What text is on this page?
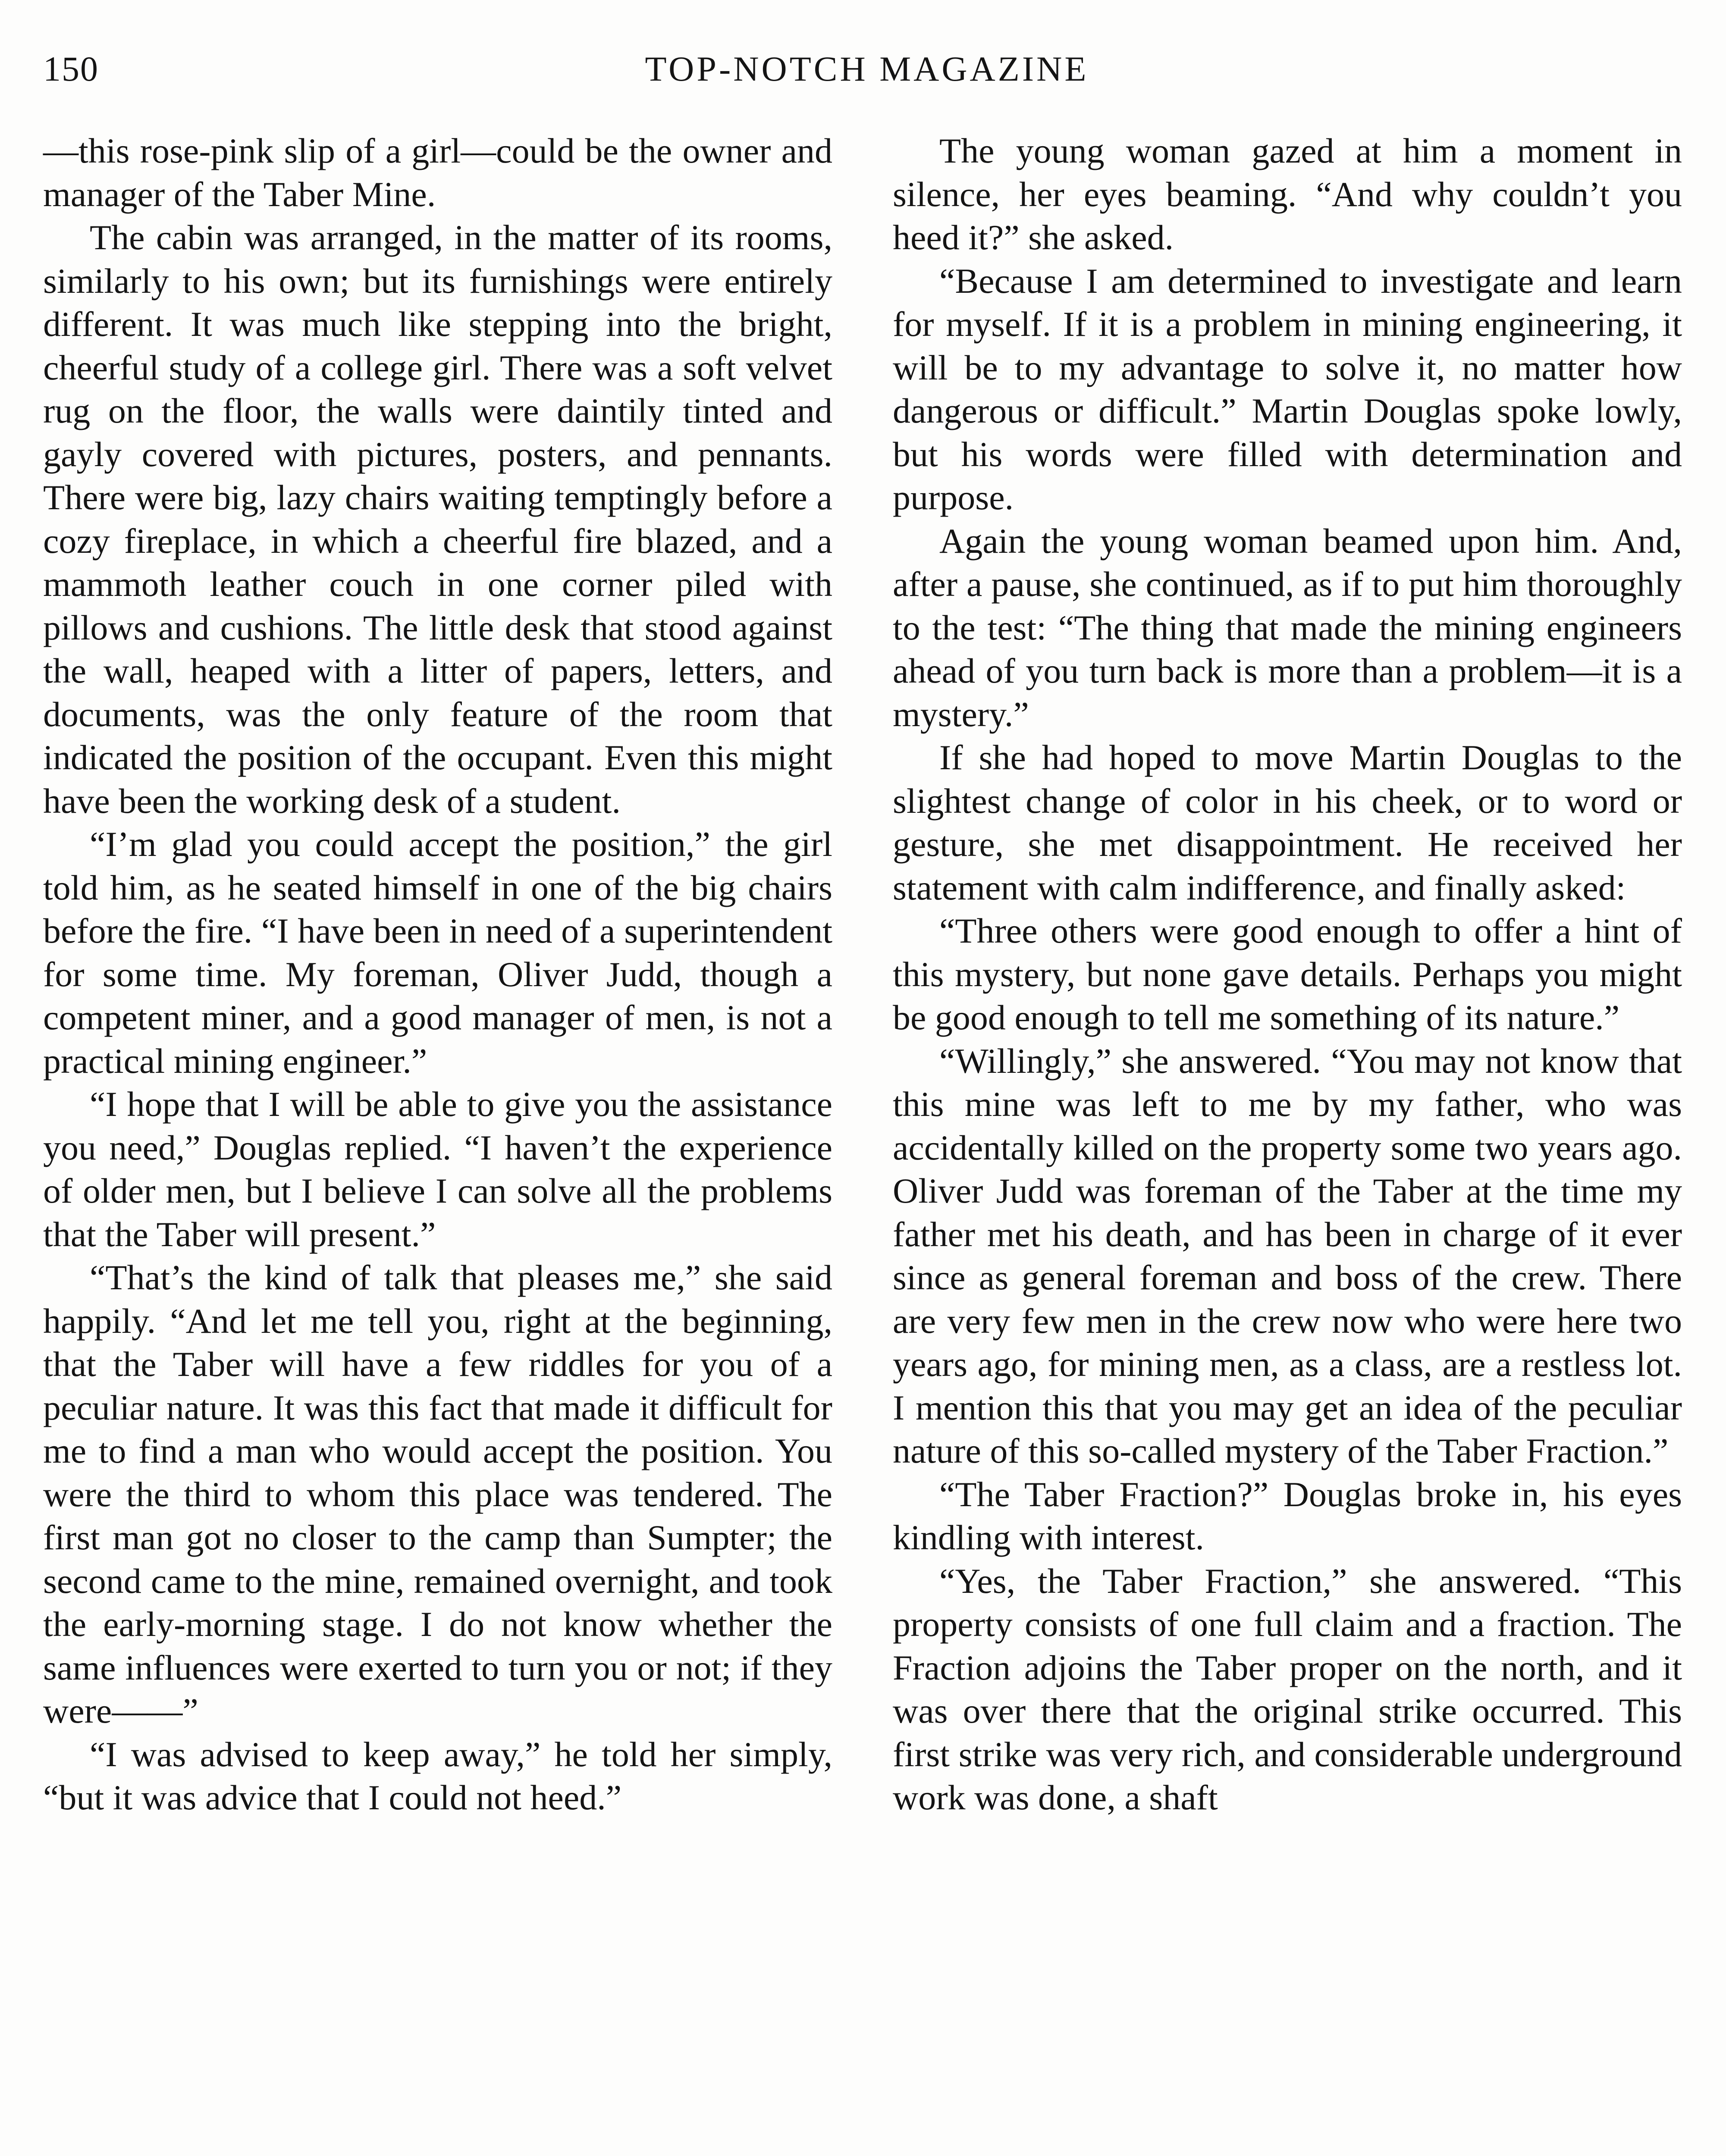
150	TOP-NOTCH MAGAZINE

—this rose-pink slip of a girl—could be the owner and manager of the Taber Mine.

The cabin was arranged, in the matter of its rooms, similarly to his own; but its furnishings were entirely different. It was much like stepping into the bright, cheerful study of a college girl. There was a soft velvet rug on the floor, the walls were daintily tinted and gayly covered with pictures, posters, and pennants. There were big, lazy chairs waiting temptingly before a cozy fireplace, in which a cheerful fire blazed, and a mammoth leather couch in one corner piled with pillows and cushions. The little desk that stood against the wall, heaped with a litter of papers, letters, and documents, was the only feature of the room that indicated the position of the occupant. Even this might have been the working desk of a student.

“I’m glad you could accept the position,” the girl told him, as he seated himself in one of the big chairs before the fire. “I have been in need of a superintendent for some time. My foreman, Oliver Judd, though a competent miner, and a good manager of men, is not a practical mining engineer.”

“I hope that I will be able to give you the assistance you need,” Douglas replied. “I haven’t the experience of older men, but I believe I can solve all the problems that the Taber will present.”

“That’s the kind of talk that pleases me,” she said happily. “And let me tell you, right at the beginning, that the Taber will have a few riddles for you of a peculiar nature. It was this fact that made it difficult for me to find a man who would accept the position. You were the third to whom this place was tendered. The first man got no closer to the camp than Sumpter; the second came to the mine, remained overnight, and took the early-morning stage. I do not know whether the same influences were exerted to turn you or not; if they were——”

“I was advised to keep away,” he told her simply, “but it was advice that I could not heed.”

The young woman gazed at him a moment in silence, her eyes beaming. “And why couldn’t you heed it?” she asked.

“Because I am determined to investigate and learn for myself. If it is a problem in mining engineering, it will be to my advantage to solve it, no matter how dangerous or difficult.” Martin Douglas spoke lowly, but his words were filled with determination and purpose.

Again the young woman beamed upon him. And, after a pause, she continued, as if to put him thoroughly to the test: “The thing that made the mining engineers ahead of you turn back is more than a problem—it is a mystery.”

If she had hoped to move Martin Douglas to the slightest change of color in his cheek, or to word or gesture, she met disappointment. He received her statement with calm indifference, and finally asked:

“Three others were good enough to offer a hint of this mystery, but none gave details. Perhaps you might be good enough to tell me something of its nature.”

“Willingly,” she answered. “You may not know that this mine was left to me by my father, who was accidentally killed on the property some two years ago. Oliver Judd was foreman of the Taber at the time my father met his death, and has been in charge of it ever since as general foreman and boss of the crew. There are very few men in the crew now who were here two years ago, for mining men, as a class, are a restless lot. I mention this that you may get an idea of the peculiar nature of this so-called mystery of the Taber Fraction.”

“The Taber Fraction?” Douglas broke in, his eyes kindling with interest.

“Yes, the Taber Fraction,” she answered. “This property consists of one full claim and a fraction. The Fraction adjoins the Taber proper on the north, and it was over there that the original strike occurred. This first strike was very rich, and considerable underground work was done, a shaft
